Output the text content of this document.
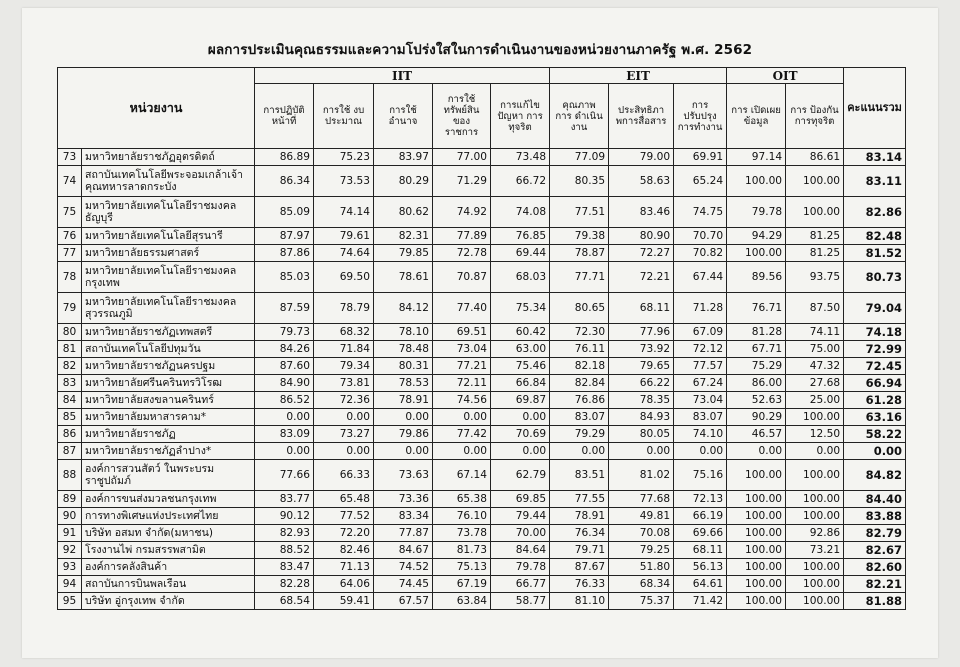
ผลการประเมินคุณธรรมและความโปร่งใสในการดำเนินงานของหน่วยงานภาครัฐ พ.ศ. 2562
หน่วยงาน		IIT					EIT			OIT		คะแนนรวม
		การปฏิบัติ หน้าที่	การใช้ งบประมาณ	การใช้ อำนาจ	การใช้ ทรัพย์สิน ของ ราชการ	การแก้ไข ปัญหา การทุจริต	คุณภาพ การ ดำเนินงาน	ประสิทธิภา พการสื่อสาร	การ ปรับปรุง การทำงาน	การ เปิดเผย ข้อมูล	การ ป้องกัน การทุจริต	
73	มหาวิทยาลัยราชภัฏอุตรดิตถ์	86.89	75.23	83.97	77.00	73.48	77.09	79.00	69.91	97.14	86.61	83.14
74	สถาบันเทคโนโลยีพระจอมเกล้าเจ้าคุณทหารลาดกระบัง	86.34	73.53	80.29	71.29	66.72	80.35	58.63	65.24	100.00	100.00	83.11
75	มหาวิทยาลัยเทคโนโลยีราชมงคลธัญบุรี	85.09	74.14	80.62	74.92	74.08	77.51	83.46	74.75	79.78	100.00	82.86
76	มหาวิทยาลัยเทคโนโลยีสุรนารี	87.97	79.61	82.31	77.89	76.85	79.38	80.90	70.70	94.29	81.25	82.48
77	มหาวิทยาลัยธรรมศาสตร์	87.86	74.64	79.85	72.78	69.44	78.87	72.27	70.82	100.00	81.25	81.52
78	มหาวิทยาลัยเทคโนโลยีราชมงคลกรุงเทพ	85.03	69.50	78.61	70.87	68.03	77.71	72.21	67.44	89.56	93.75	80.73
79	มหาวิทยาลัยเทคโนโลยีราชมงคลสุวรรณภูมิ	87.59	78.79	84.12	77.40	75.34	80.65	68.11	71.28	76.71	87.50	79.04
80	มหาวิทยาลัยราชภัฏเทพสตรี	79.73	68.32	78.10	69.51	60.42	72.30	77.96	67.09	81.28	74.11	74.18
81	สถาบันเทคโนโลยีปทุมวัน	84.26	71.84	78.48	73.04	63.00	76.11	73.92	72.12	67.71	75.00	72.99
82	มหาวิทยาลัยราชภัฏนครปฐม	87.60	79.34	80.31	77.21	75.46	82.18	79.65	77.57	75.29	47.32	72.45
83	มหาวิทยาลัยศรีนครินทรวิโรฒ	84.90	73.81	78.53	72.11	66.84	82.84	66.22	67.24	86.00	27.68	66.94
84	มหาวิทยาลัยสงขลานครินทร์	86.52	72.36	78.91	74.56	69.87	76.86	78.35	73.04	52.63	25.00	61.28
85	มหาวิทยาลัยมหาสารคาม*	0.00	0.00	0.00	0.00	0.00	83.07	84.93	83.07	90.29	100.00	63.16
86	มหาวิทยาลัยราชภัฏ	83.09	73.27	79.86	77.42	70.69	79.29	80.05	74.10	46.57	12.50	58.22
87	มหาวิทยาลัยราชภัฏลำปาง*	0.00	0.00	0.00	0.00	0.00	0.00	0.00	0.00	0.00	0.00	0.00
88	องค์การสวนสัตว์ ในพระบรมราชูปถัมภ์	77.66	66.33	73.63	67.14	62.79	83.51	81.02	75.16	100.00	100.00	84.82
89	องค์การขนส่งมวลชนกรุงเทพ	83.77	65.48	73.36	65.38	69.85	77.55	77.68	72.13	100.00	100.00	84.40
90	การทางพิเศษแห่งประเทศไทย	90.12	77.52	83.34	76.10	79.44	78.91	49.81	66.19	100.00	100.00	83.88
91	บริษัท อสมท จำกัด(มหาชน)	82.93	72.20	77.87	73.78	70.00	76.34	70.08	69.66	100.00	92.86	82.79
92	โรงงานไพ่ กรมสรรพสามิต	88.52	82.46	84.67	81.73	84.64	79.71	79.25	68.11	100.00	73.21	82.67
93	องค์การคลังสินค้า	83.47	71.13	74.52	75.13	79.78	87.67	51.80	56.13	100.00	100.00	82.60
94	สถาบันการบินพลเรือน	82.28	64.06	74.45	67.19	66.77	76.33	68.34	64.61	100.00	100.00	82.21
95	บริษัท อู่กรุงเทพ จำกัด	68.54	59.41	67.57	63.84	58.77	81.10	75.37	71.42	100.00	100.00	81.88
